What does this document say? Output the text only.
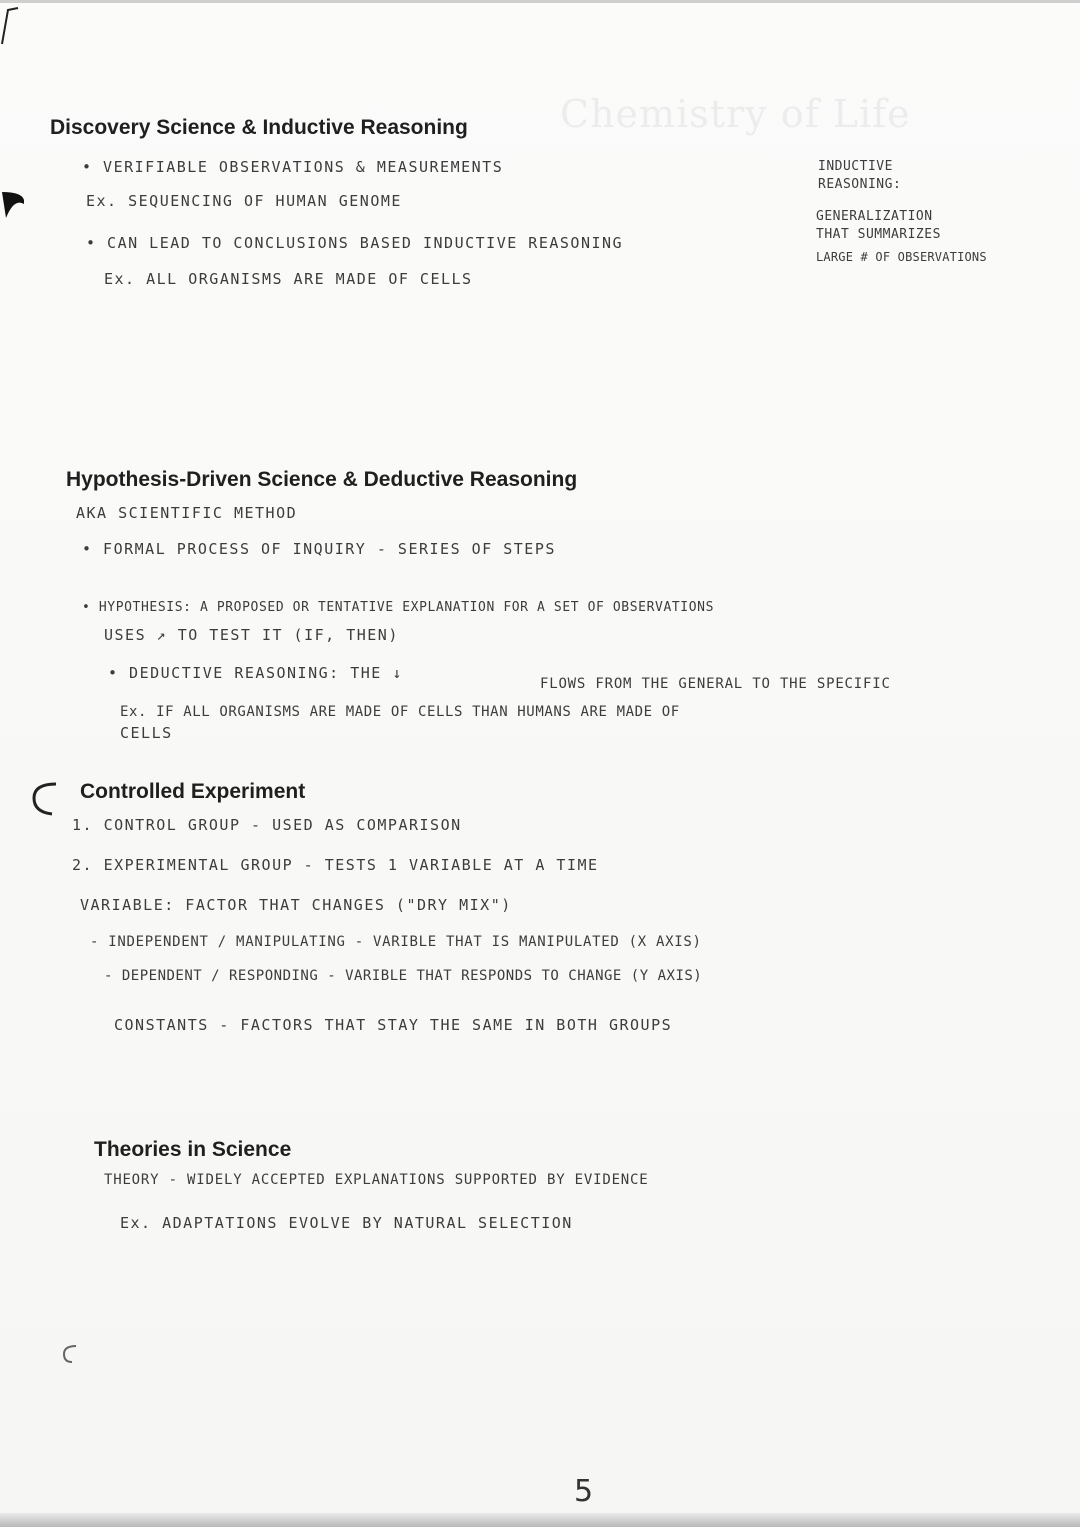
Chemistry of Life
Discovery Science & Inductive Reasoning
• VERIFIABLE OBSERVATIONS & MEASUREMENTS
Ex. SEQUENCING OF HUMAN GENOME
• CAN LEAD TO CONCLUSIONS BASED INDUCTIVE REASONING
Ex. ALL ORGANISMS ARE MADE OF CELLS
INDUCTIVE
REASONING:
GENERALIZATION
THAT SUMMARIZES
LARGE # OF OBSERVATIONS
Hypothesis-Driven Science & Deductive Reasoning
AKA SCIENTIFIC METHOD
• FORMAL PROCESS OF INQUIRY - SERIES OF STEPS
• HYPOTHESIS: A PROPOSED OR TENTATIVE EXPLANATION FOR A SET OF OBSERVATIONS
USES ↗ TO TEST IT (IF, THEN)
• DEDUCTIVE REASONING: THE ↓
FLOWS FROM THE GENERAL TO THE SPECIFIC
Ex. IF ALL ORGANISMS ARE MADE OF CELLS THAN HUMANS ARE MADE OF
CELLS
Controlled Experiment
1. CONTROL GROUP - USED AS COMPARISON
2. EXPERIMENTAL GROUP - TESTS 1 VARIABLE AT A TIME
VARIABLE: FACTOR THAT CHANGES ("DRY MIX")
- INDEPENDENT / MANIPULATING - VARIBLE THAT IS MANIPULATED (X AXIS)
- DEPENDENT / RESPONDING - VARIBLE THAT RESPONDS TO CHANGE (Y AXIS)
CONSTANTS - FACTORS THAT STAY THE SAME IN BOTH GROUPS
Theories in Science
THEORY - WIDELY ACCEPTED EXPLANATIONS SUPPORTED BY EVIDENCE
Ex. ADAPTATIONS EVOLVE BY NATURAL SELECTION
5
